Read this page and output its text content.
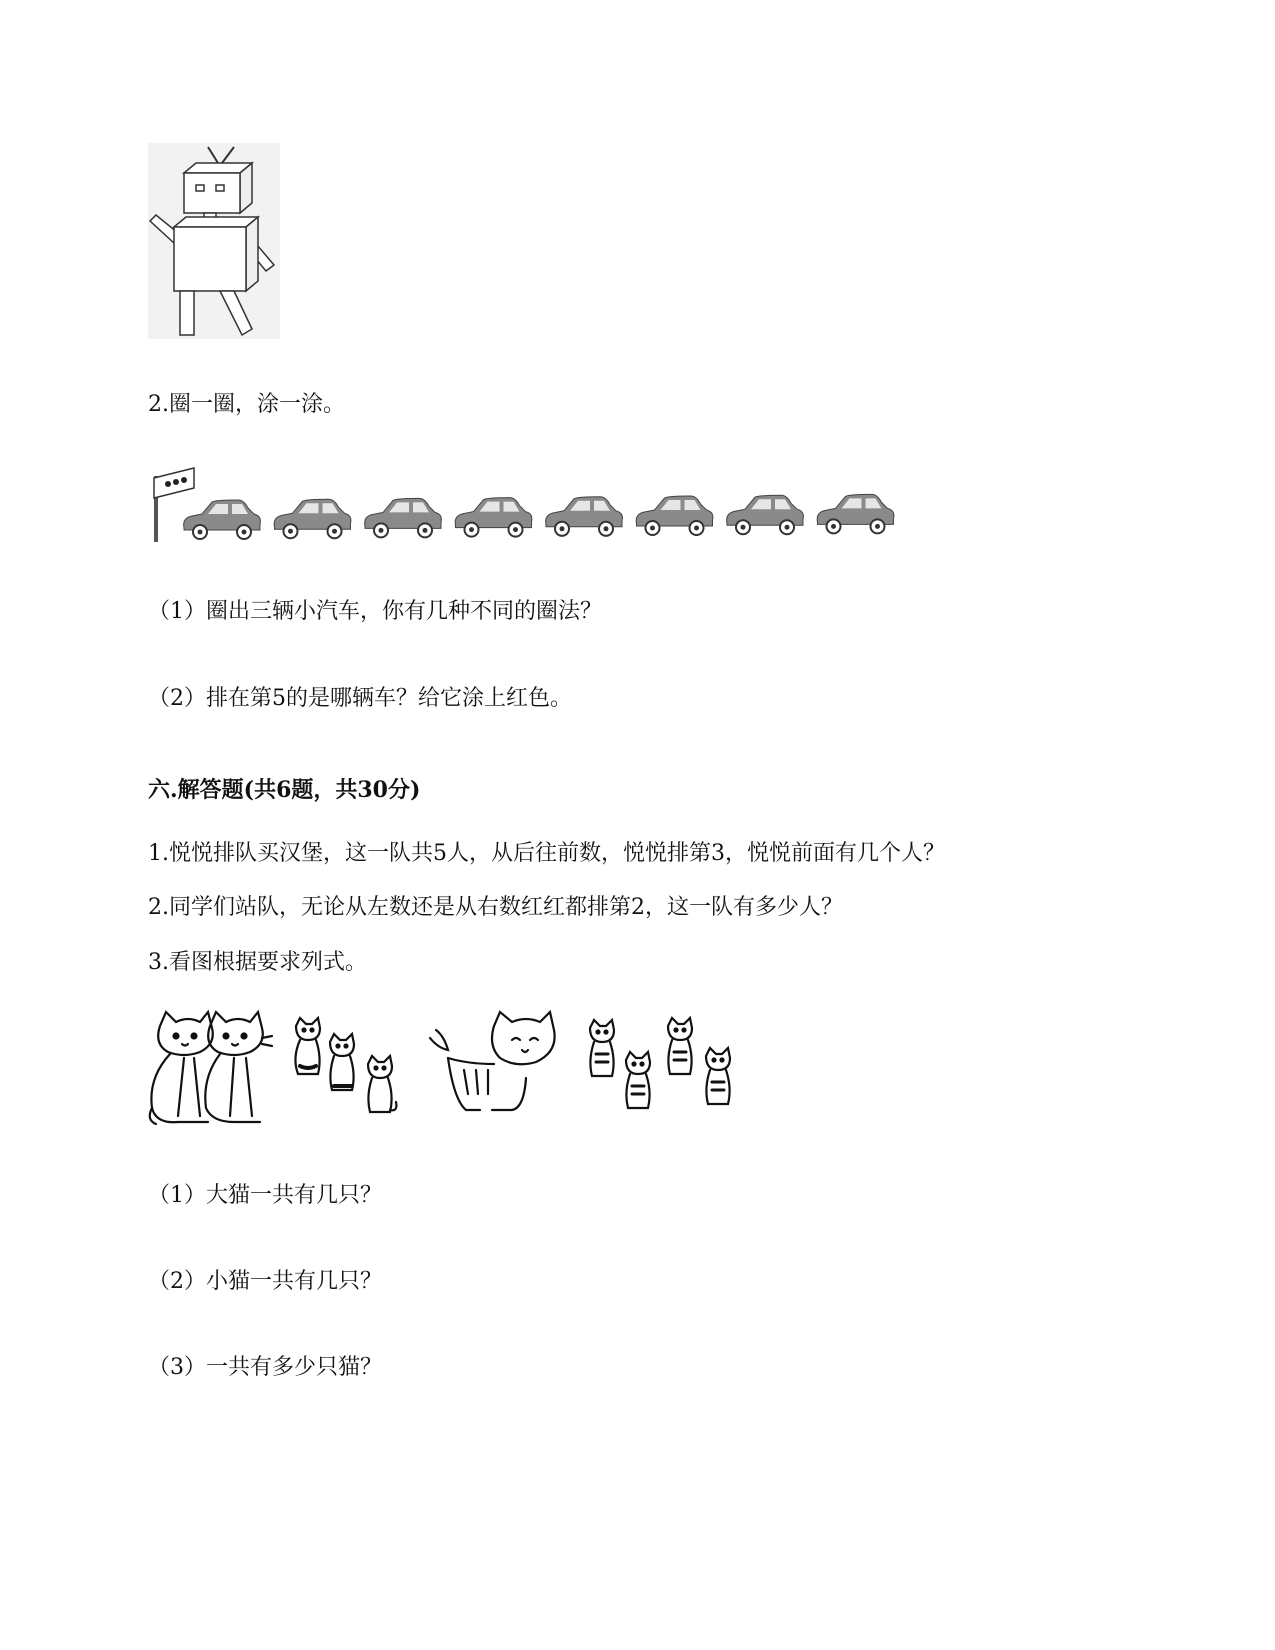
2.圈一圈，涂一涂。
（1）圈出三辆小汽车，你有几种不同的圈法？
（2）排在第5的是哪辆车？给它涂上红色。
六.解答题(共6题，共30分)
1.悦悦排队买汉堡，这一队共5人，从后往前数，悦悦排第3，悦悦前面有几个人？
2.同学们站队，无论从左数还是从右数红红都排第2，这一队有多少人？
3.看图根据要求列式。
（1）大猫一共有几只？
（2）小猫一共有几只？
（3）一共有多少只猫？
